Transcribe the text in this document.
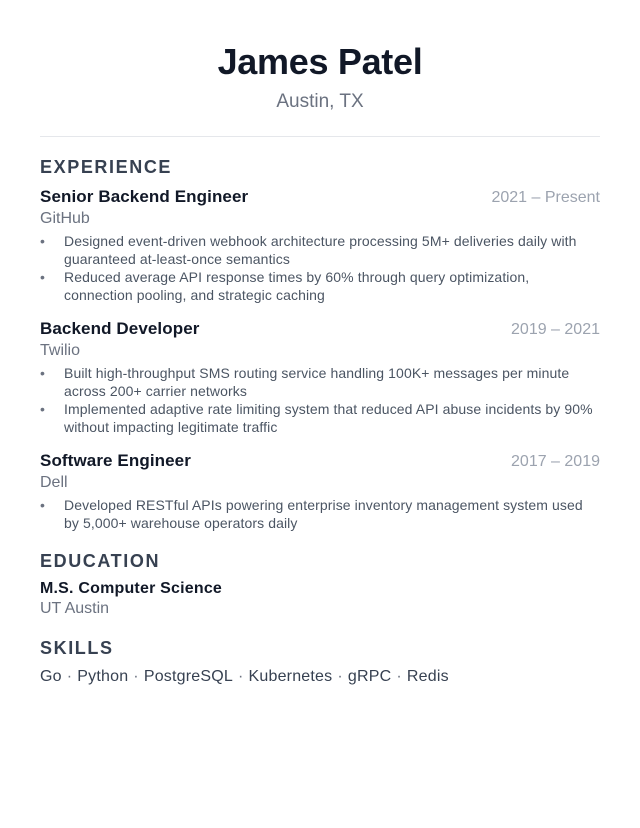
James Patel
Austin, TX
EXPERIENCE
Senior Backend Engineer	2021 – Present
GitHub
• Designed event-driven webhook architecture processing 5M+ deliveries daily with guaranteed at-least-once semantics
• Reduced average API response times by 60% through query optimization, connection pooling, and strategic caching
Backend Developer	2019 – 2021
Twilio
• Built high-throughput SMS routing service handling 100K+ messages per minute across 200+ carrier networks
• Implemented adaptive rate limiting system that reduced API abuse incidents by 90% without impacting legitimate traffic
Software Engineer	2017 – 2019
Dell
• Developed RESTful APIs powering enterprise inventory management system used by 5,000+ warehouse operators daily
EDUCATION
M.S. Computer Science
UT Austin
SKILLS
Go · Python · PostgreSQL · Kubernetes · gRPC · Redis
